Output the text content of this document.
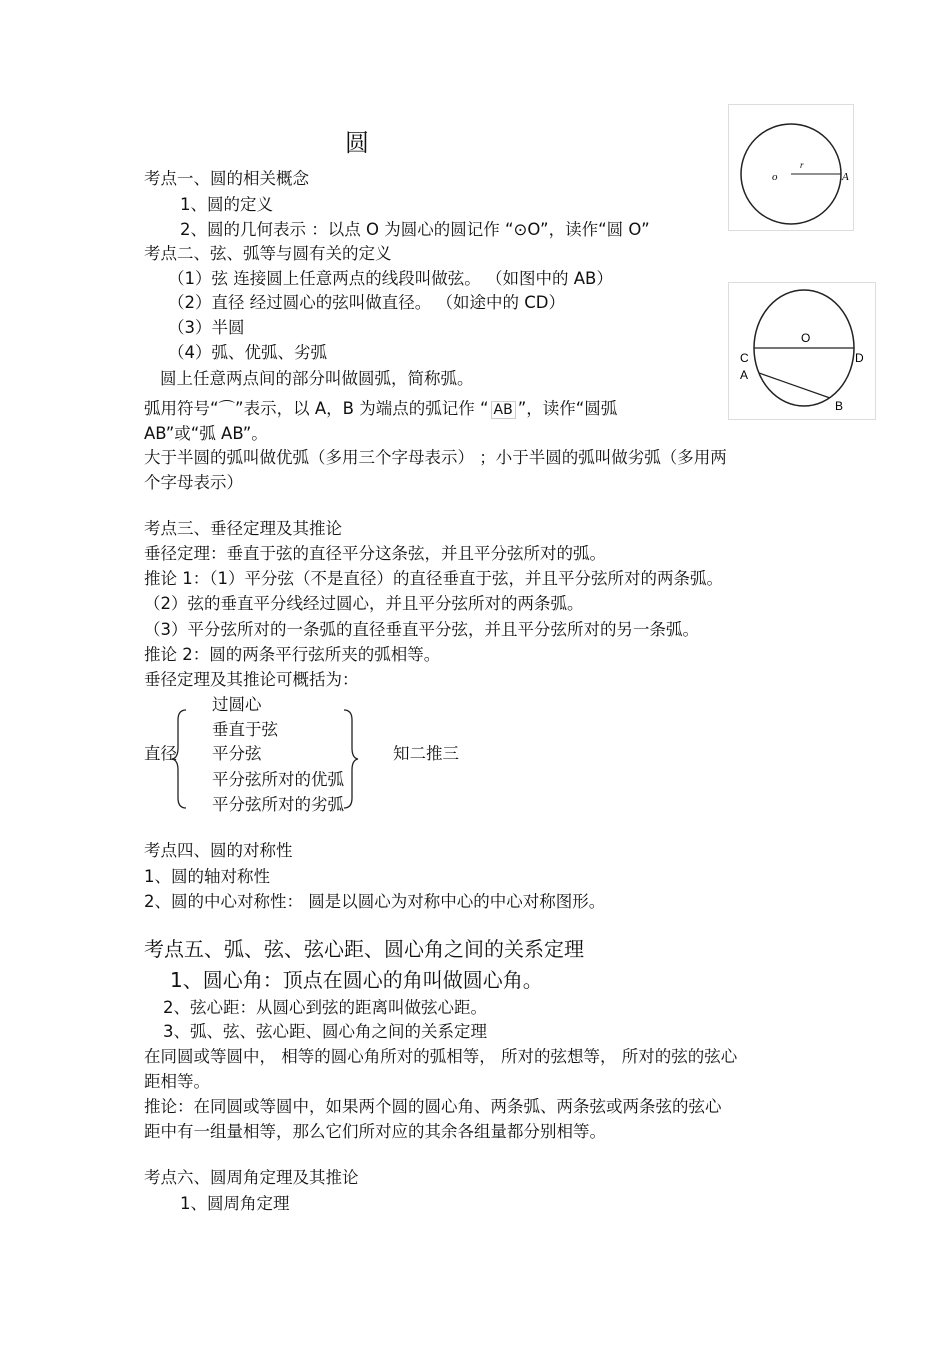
圆
o
r
A
O
C	D
A
B
考点一、圆的相关概念
1、圆的定义
2、圆的几何表示 ：以点 O 为圆心的圆记作 “⊙O”，读作“圆 O”
考点二、弦、弧等与圆有关的定义
（1）弦 连接圆上任意两点的线段叫做弦。 （如图中的 AB）
（2）直径 经过圆心的弦叫做直径。 （如途中的 CD）
（3）半圆
（4）弧、优弧、劣弧
圆上任意两点间的部分叫做圆弧，简称弧。
弧用符号“⌒”表示，以 A，B 为端点的弧记作 “ AB ”，读作“圆弧
AB”或“弧 AB”。
大于半圆的弧叫做优弧（多用三个字母表示） ；小于半圆的弧叫做劣弧（多用两
个字母表示）
考点三、垂径定理及其推论
垂径定理：垂直于弦的直径平分这条弦，并且平分弦所对的弧。
推论 1：（1）平分弦（不是直径）的直径垂直于弦，并且平分弦所对的两条弧。
（2）弦的垂直平分线经过圆心，并且平分弦所对的两条弧。
（3）平分弦所对的一条弧的直径垂直平分弦，并且平分弦所对的另一条弧。
推论 2：圆的两条平行弦所夹的弧相等。
垂径定理及其推论可概括为：
直径
过圆心
垂直于弦
平分弦
平分弦所对的优弧
平分弦所对的劣弧
知二推三
考点四、圆的对称性
1、圆的轴对称性
2、圆的中心对称性： 圆是以圆心为对称中心的中心对称图形。
考点五、弧、弦、弦心距、圆心角之间的关系定理
1、圆心角：顶点在圆心的角叫做圆心角。
2、弦心距：从圆心到弦的距离叫做弦心距。
3、弧、弦、弦心距、圆心角之间的关系定理
在同圆或等圆中， 相等的圆心角所对的弧相等， 所对的弦想等， 所对的弦的弦心
距相等。
推论：在同圆或等圆中，如果两个圆的圆心角、两条弧、两条弦或两条弦的弦心
距中有一组量相等，那么它们所对应的其余各组量都分别相等。
考点六、圆周角定理及其推论
1、圆周角定理
